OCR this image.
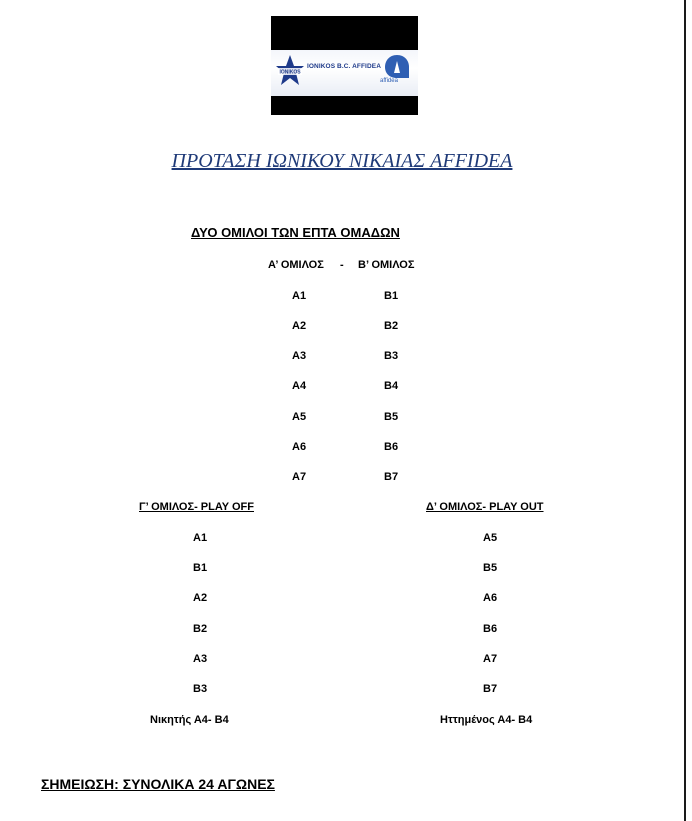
IONIKOS
IONIKOS B.C. AFFIDEA
affidea
ΠΡΟΤΑΣΗ ΙΩΝΙΚΟΥ ΝΙΚΑΙΑΣ AFFIDEA
ΔΥΟ ΟΜΙΛΟΙ ΤΩΝ ΕΠΤΑ ΟΜΑΔΩΝ
Α’ ΟΜΙΛΟΣ - Β’ ΟΜΙΛΟΣ
Α1
Α2
Α3
Α4
Α5
Α6
Α7
Β1
Β2
Β3
Β4
Β5
Β6
Β7
Γ’ ΟΜΙΛΟΣ- PLAY OFF	Δ’ ΟΜΙΛΟΣ- PLAY OUT
Α1
Β1
Α2
Β2
Α3
Β3
Νικητής Α4- Β4
Α5
Β5
Α6
Β6
Α7
Β7
Ηττημένος Α4- Β4
ΣΗΜΕΙΩΣΗ: ΣΥΝΟΛΙΚΑ 24 ΑΓΩΝΕΣ
